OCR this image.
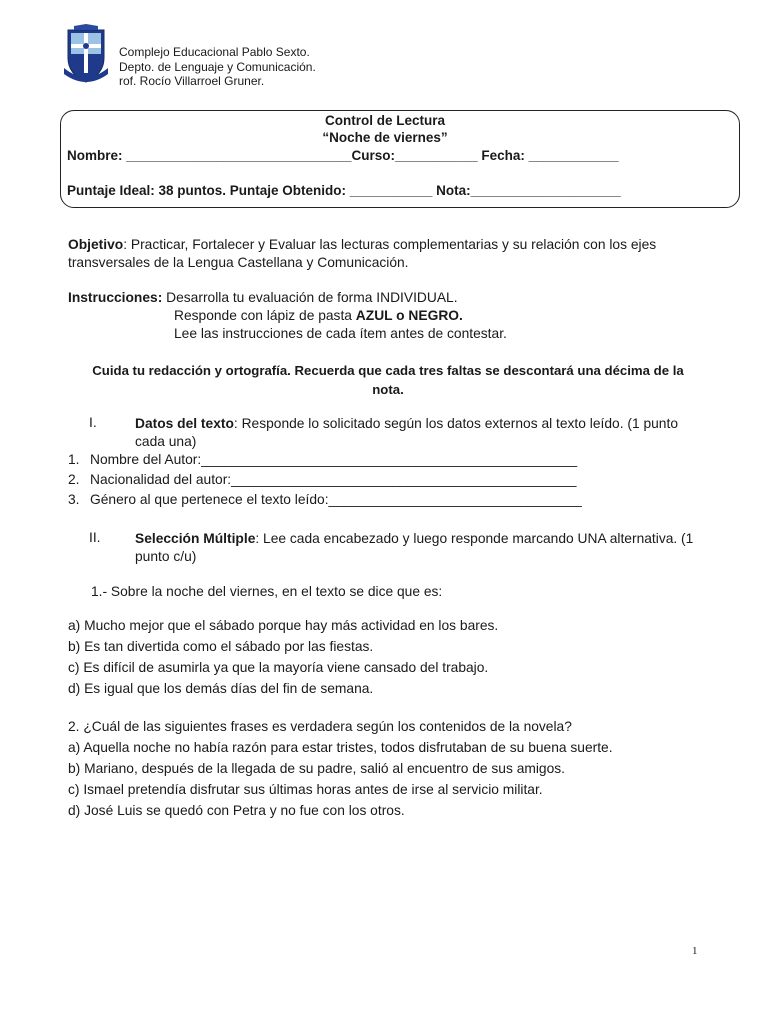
Complejo Educacional Pablo Sexto.
Depto. de Lenguaje y Comunicación.
rof. Rocío Villarroel Gruner.
Control de Lectura
“Noche de viernes”
Nombre: ______________________________Curso:___________ Fecha: ____________
Puntaje Ideal: 38 puntos. Puntaje Obtenido: ___________ Nota:____________________
Objetivo: Practicar, Fortalecer y Evaluar las lecturas complementarias y su relación con los ejes transversales de la Lengua Castellana y Comunicación.
Instrucciones: Desarrolla tu evaluación de forma INDIVIDUAL.
Responde con lápiz de pasta AZUL o NEGRO.
Lee las instrucciones de cada ítem antes de contestar.
Cuida tu redacción y ortografía. Recuerda que cada tres faltas se descontará una décima de la nota.
I.	Datos del texto: Responde lo solicitado según los datos externos al texto leído. (1 punto cada una)
1. Nombre del Autor:_________________________________________________
2. Nacionalidad del autor:_____________________________________________
3. Género al que pertenece el texto leído:_________________________________
II.	Selección Múltiple: Lee cada encabezado y luego responde marcando UNA alternativa. (1 punto c/u)
1.- Sobre la noche del viernes, en el texto se dice que es:
a) Mucho mejor que el sábado porque hay más actividad en los bares.
b) Es tan divertida como el sábado por las fiestas.
c) Es difícil de asumirla ya que la mayoría viene cansado del trabajo.
d) Es igual que los demás días del fin de semana.
2. ¿Cuál de las siguientes frases es verdadera según los contenidos de la novela?
a) Aquella noche no había razón para estar tristes, todos disfrutaban de su buena suerte.
b) Mariano, después de la llegada de su padre, salió al encuentro de sus amigos.
c) Ismael pretendía disfrutar sus últimas horas antes de irse al servicio militar.
d) José Luis se quedó con Petra y no fue con los otros.
1
